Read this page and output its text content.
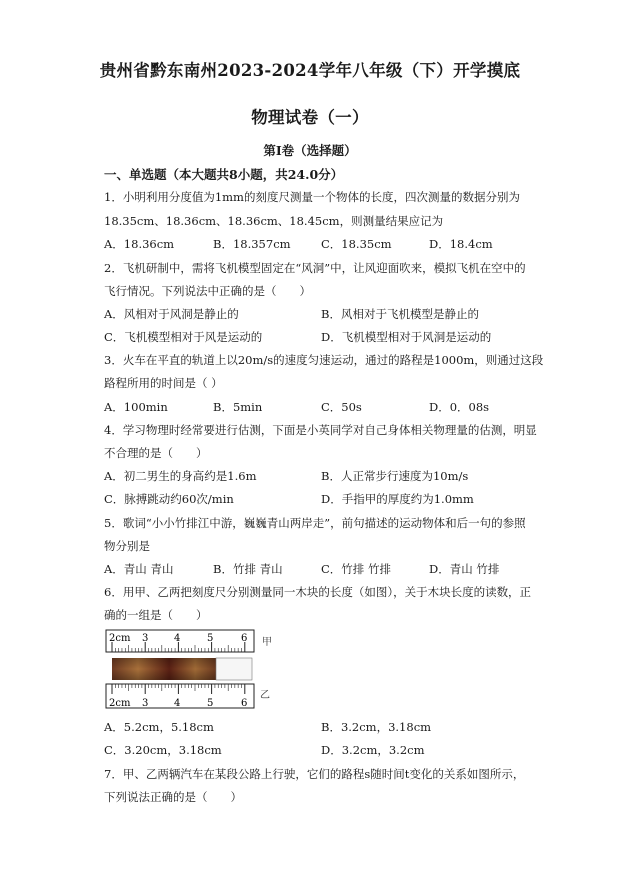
贵州省黔东南州2023-2024学年八年级（下）开学摸底
物理试卷（一）
第I卷（选择题）
一、单选题（本大题共8小题，共24.0分）
1．小明利用分度值为1mm的刻度尺测量一个物体的长度，四次测量的数据分别为
18.35cm、18.36cm、18.36cm、18.45cm，则测量结果应记为
A．18.36cm	B．18.357cm	C．18.35cm	D．18.4cm
2．飞机研制中，需将飞机模型固定在“风洞”中，让风迎面吹来，模拟飞机在空中的
飞行情况。下列说法中正确的是（　　）
A．风相对于风洞是静止的	B．风相对于飞机模型是静止的
C．飞机模型相对于风是运动的	D．飞机模型相对于风洞是运动的
3．火车在平直的轨道上以20m/s的速度匀速运动，通过的路程是1000m，则通过这段
路程所用的时间是（ ）
A．100min	B．5min	C．50s	D．0．08s
4．学习物理时经常要进行估测，下面是小英同学对自己身体相关物理量的估测，明显
不合理的是（　　）
A．初二男生的身高约是1.6m	B．人正常步行速度为10m/s
C．脉搏跳动约60次/min	D．手指甲的厚度约为1.0mm
5．歌词“小小竹排江中游，巍巍青山两岸走”，前句描述的运动物体和后一句的参照
物分别是
A．青山 青山	B．竹排 青山	C．竹排 竹排	D．青山 竹排
6．用甲、乙两把刻度尺分别测量同一木块的长度（如图），关于木块长度的读数，正
确的一组是（　　）
2cm 3	4	5	6
2cm 3	4	5	6
甲
乙
A．5.2cm，5.18cm	B．3.2cm，3.18cm
C．3.20cm，3.18cm	D．3.2cm，3.2cm
7．甲、乙两辆汽车在某段公路上行驶，它们的路程s随时间t变化的关系如图所示，
下列说法正确的是（　　）
